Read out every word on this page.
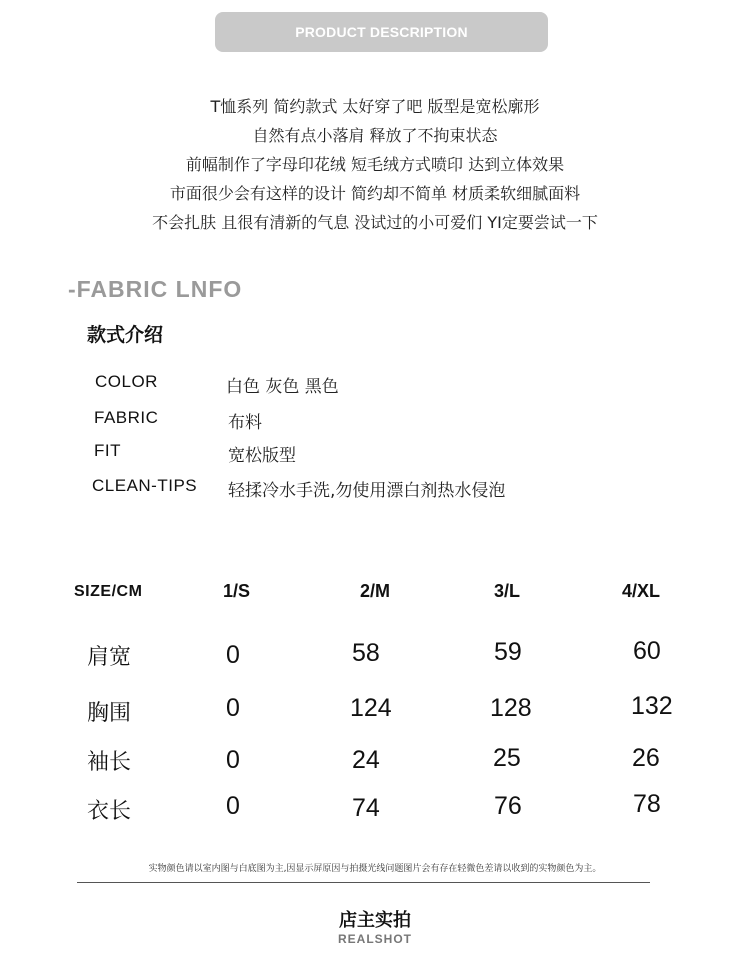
PRODUCT DESCRIPTION
T恤系列 简约款式 太好穿了吧 版型是宽松廓形
自然有点小落肩 释放了不拘束状态
前幅制作了字母印花绒 短毛绒方式喷印 达到立体效果
市面很少会有这样的设计 简约却不简单 材质柔软细腻面料
不会扎肤 且很有清新的气息 没试过的小可爱们 YI定要尝试一下
-FABRIC LNFO
款式介绍
COLOR	白色 灰色 黑色
FABRIC	布料
FIT	宽松版型
CLEAN-TIPS 轻揉冷水手洗,勿使用漂白剂热水侵泡
SIZE/CM	1/S	2/M	3/L	4/XL
肩宽	0	58	59	60
胸围	0	124	128	132
袖长	0	24	25	26
衣长	0	74	76	78
实物颜色请以室内图与白底图为主,因显示屏原因与拍摄光线问题图片会有存在轻微色差请以收到的实物颜色为主。
店主实拍
REALSHOT
